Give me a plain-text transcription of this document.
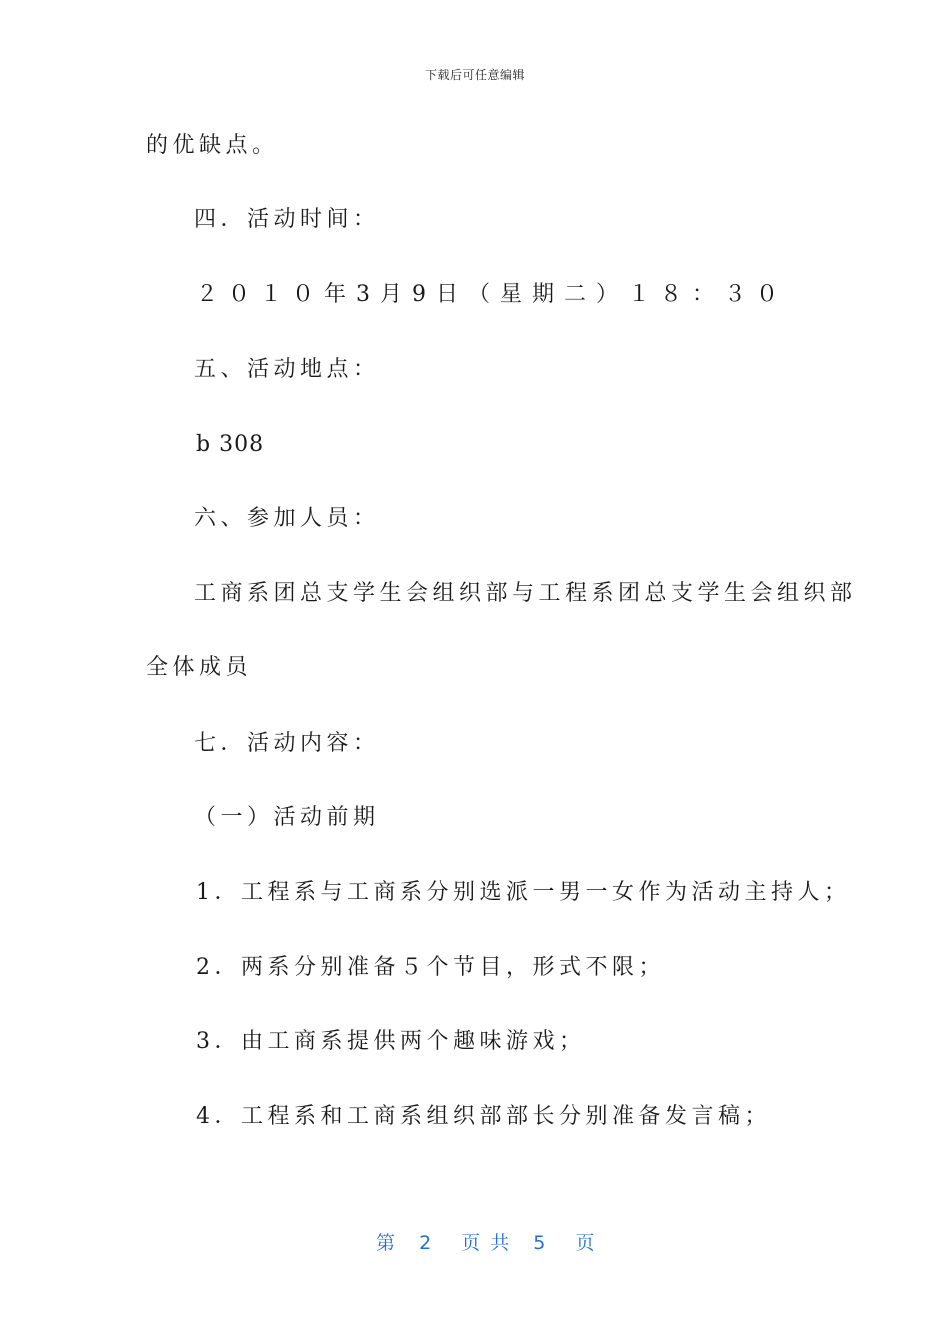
下载后可任意编辑
的优缺点。
四．活动时间：
２０１０年3月9日（星期二）１８：３０
五、活动地点：
b 308
六、参加人员：
工商系团总支学生会组织部与工程系团总支学生会组织部
全体成员
七．活动内容：
（一）活动前期
1．工程系与工商系分别选派一男一女作为活动主持人；
2．两系分别准备５个节目，形式不限；
3．由工商系提供两个趣味游戏；
4．工程系和工商系组织部部长分别准备发言稿；
第 2 页 共 5 页
